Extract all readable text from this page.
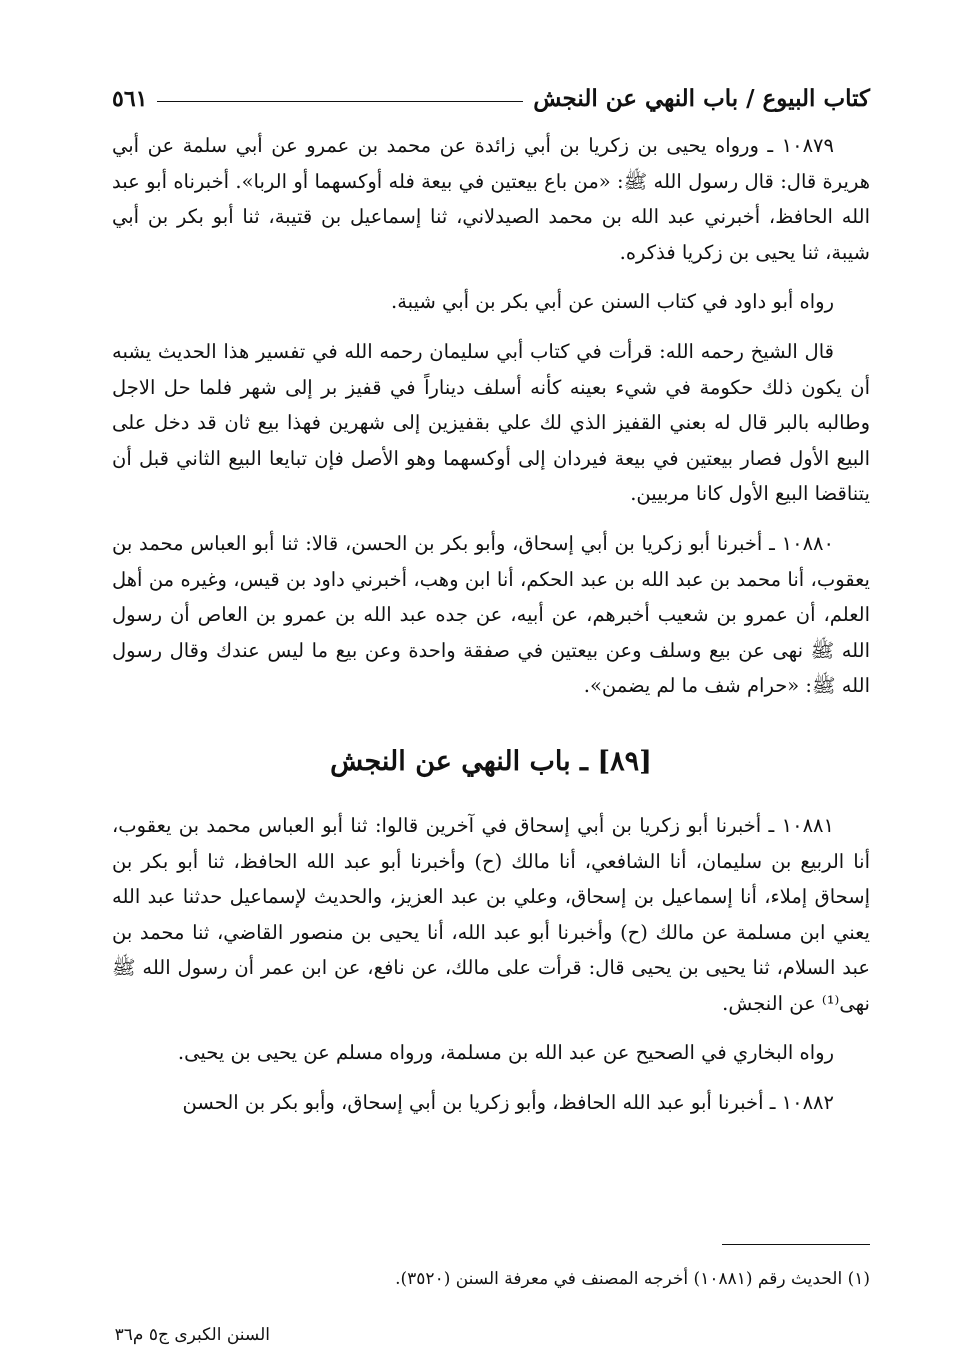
كتاب البيوع / باب النهي عن النجش
٥٦١

١٠٨٧٩ ـ ورواه يحيى بن زكريا بن أبي زائدة عن محمد بن عمرو عن أبي سلمة عن أبي هريرة قال: قال رسول الله ﷺ: «من باع بيعتين في بيعة فله أوكسهما أو الربا». أخبرناه أبو عبد الله الحافظ، أخبرني عبد الله بن محمد الصيدلاني، ثنا إسماعيل بن قتيبة، ثنا أبو بكر بن أبي شيبة، ثنا يحيى بن زكريا فذكره.

رواه أبو داود في كتاب السنن عن أبي بكر بن أبي شيبة.

قال الشيخ رحمه الله: قرأت في كتاب أبي سليمان رحمه الله في تفسير هذا الحديث يشبه أن يكون ذلك حكومة في شيء بعينه كأنه أسلف ديناراً في قفيز بر إلى شهر فلما حل الاجل وطالبه بالبر قال له بعني القفيز الذي لك علي بقفيزين إلى شهرين فهذا بيع ثان قد دخل على البيع الأول فصار بيعتين في بيعة فيردان إلى أوكسهما وهو الأصل فإن تبايعا البيع الثاني قبل أن يتناقضا البيع الأول كانا مربيين.

١٠٨٨٠ ـ أخبرنا أبو زكريا بن أبي إسحاق، وأبو بكر بن الحسن، قالا: ثنا أبو العباس محمد بن يعقوب، أنا محمد بن عبد الله بن عبد الحكم، أنا ابن وهب، أخبرني داود بن قيس، وغيره من أهل العلم، أن عمرو بن شعيب أخبرهم، عن أبيه، عن جده عبد الله بن عمرو بن العاص أن رسول الله ﷺ نهى عن بيع وسلف وعن بيعتين في صفقة واحدة وعن بيع ما ليس عندك وقال رسول الله ﷺ: «حرام شف ما لم يضمن».

[٨٩] ـ باب النهي عن النجش

١٠٨٨١ ـ أخبرنا أبو زكريا بن أبي إسحاق في آخرين قالوا: ثنا أبو العباس محمد بن يعقوب، أنا الربيع بن سليمان، أنا الشافعي، أنا مالك (ح) وأخبرنا أبو عبد الله الحافظ، ثنا أبو بكر بن إسحاق إملاء، أنا إسماعيل بن إسحاق، وعلي بن عبد العزيز، والحديث لإسماعيل حدثنا عبد الله يعني ابن مسلمة عن مالك (ح) وأخبرنا أبو عبد الله، أنا يحيى بن منصور القاضي، ثنا محمد بن عبد السلام، ثنا يحيى بن يحيى قال: قرأت على مالك، عن نافع، عن ابن عمر أن رسول الله ﷺ نهى⁽¹⁾ عن النجش.

رواه البخاري في الصحيح عن عبد الله بن مسلمة، ورواه مسلم عن يحيى بن يحيى.

١٠٨٨٢ ـ أخبرنا أبو عبد الله الحافظ، وأبو زكريا بن أبي إسحاق، وأبو بكر بن الحسن

(١) الحديث رقم (١٠٨٨١) أخرجه المصنف في معرفة السنن (٣٥٢٠).
السنن الكبرى ج٥ م٣٦
